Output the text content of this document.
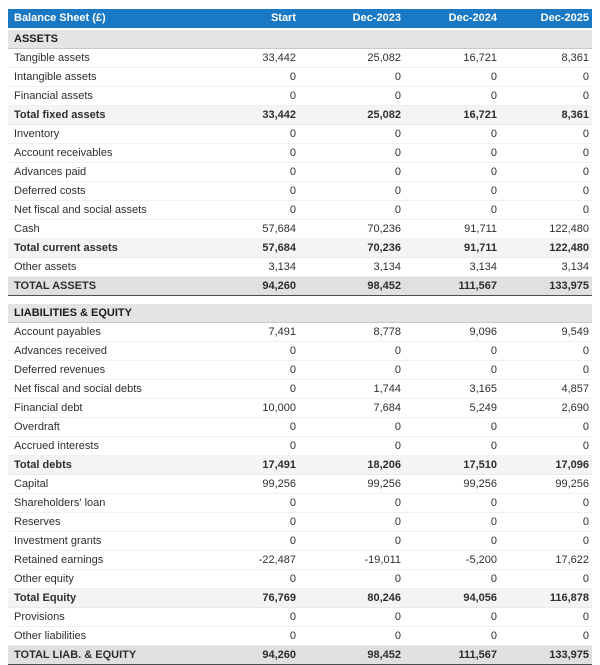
Balance Sheet (£)	Start	Dec-2023	Dec-2024	Dec-2025
ASSETS				
Tangible assets	33,442	25,082	16,721	8,361
Intangible assets	0	0	0	0
Financial assets	0	0	0	0
Total fixed assets	33,442	25,082	16,721	8,361
Inventory	0	0	0	0
Account receivables	0	0	0	0
Advances paid	0	0	0	0
Deferred costs	0	0	0	0
Net fiscal and social assets	0	0	0	0
Cash	57,684	70,236	91,711	122,480
Total current assets	57,684	70,236	91,711	122,480
Other assets	3,134	3,134	3,134	3,134
TOTAL ASSETS	94,260	98,452	111,567	133,975

LIABILITIES & EQUITY				
Account payables	7,491	8,778	9,096	9,549
Advances received	0	0	0	0
Deferred revenues	0	0	0	0
Net fiscal and social debts	0	1,744	3,165	4,857
Financial debt	10,000	7,684	5,249	2,690
Overdraft	0	0	0	0
Accrued interests	0	0	0	0
Total debts	17,491	18,206	17,510	17,096
Capital	99,256	99,256	99,256	99,256
Shareholders' loan	0	0	0	0
Reserves	0	0	0	0
Investment grants	0	0	0	0
Retained earnings	-22,487	-19,011	-5,200	17,622
Other equity	0	0	0	0
Total Equity	76,769	80,246	94,056	116,878
Provisions	0	0	0	0
Other liabilities	0	0	0	0
TOTAL LIAB. & EQUITY	94,260	98,452	111,567	133,975
